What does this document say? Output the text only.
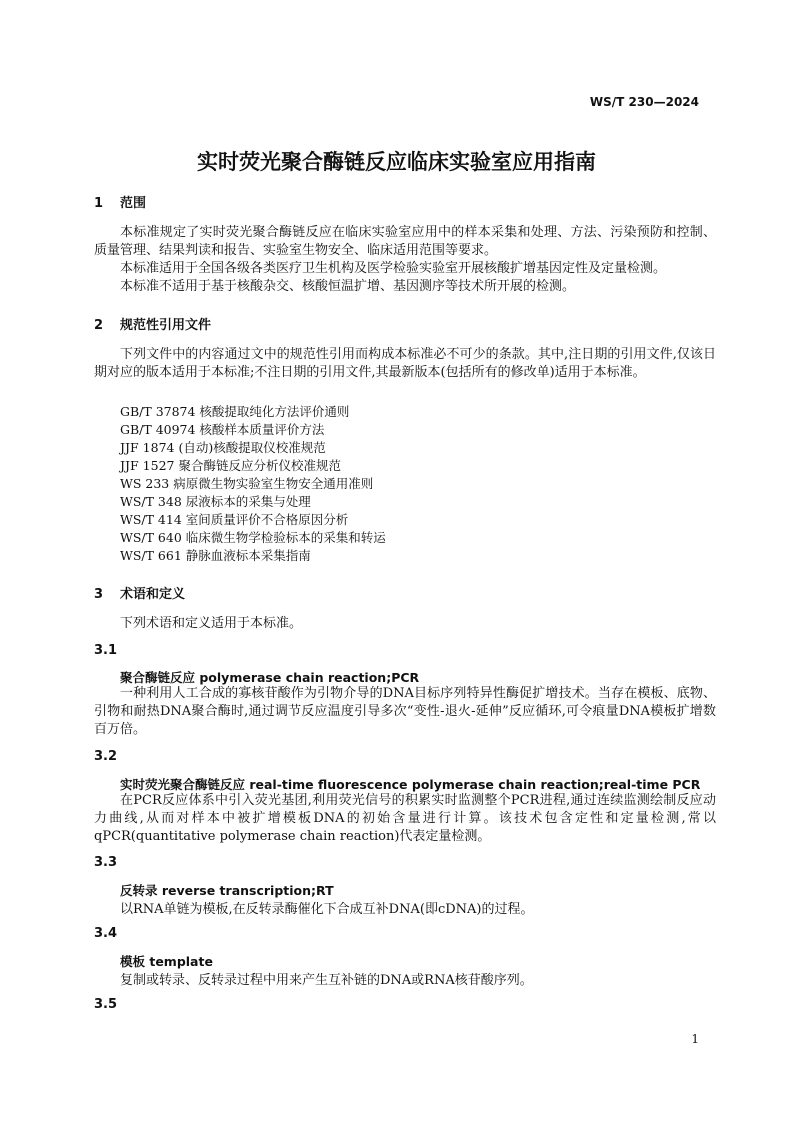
WS/T 230—2024
实时荧光聚合酶链反应临床实验室应用指南
1 范围
本标准规定了实时荧光聚合酶链反应在临床实验室应用中的样本采集和处理、方法、污染预防和控制、质量管理、结果判读和报告、实验室生物安全、临床适用范围等要求。
本标准适用于全国各级各类医疗卫生机构及医学检验实验室开展核酸扩增基因定性及定量检测。
本标准不适用于基于核酸杂交、核酸恒温扩增、基因测序等技术所开展的检测。
2 规范性引用文件
下列文件中的内容通过文中的规范性引用而构成本标准必不可少的条款。其中,注日期的引用文件,仅该日期对应的版本适用于本标准;不注日期的引用文件,其最新版本(包括所有的修改单)适用于本标准。
GB/T 37874 核酸提取纯化方法评价通则
GB/T 40974 核酸样本质量评价方法
JJF 1874 (自动)核酸提取仪校准规范
JJF 1527 聚合酶链反应分析仪校准规范
WS 233 病原微生物实验室生物安全通用准则
WS/T 348 尿液标本的采集与处理
WS/T 414 室间质量评价不合格原因分析
WS/T 640 临床微生物学检验标本的采集和转运
WS/T 661 静脉血液标本采集指南
3 术语和定义
下列术语和定义适用于本标准。
3.1
聚合酶链反应 polymerase chain reaction;PCR
一种利用人工合成的寡核苷酸作为引物介导的DNA目标序列特异性酶促扩增技术。当存在模板、底物、引物和耐热DNA聚合酶时,通过调节反应温度引导多次“变性-退火-延伸”反应循环,可令痕量DNA模板扩增数百万倍。
3.2
实时荧光聚合酶链反应 real-time fluorescence polymerase chain reaction;real-time PCR
在PCR反应体系中引入荧光基团,利用荧光信号的积累实时监测整个PCR进程,通过连续监测绘制反应动力曲线,从而对样本中被扩增模板DNA的初始含量进行计算。该技术包含定性和定量检测,常以qPCR(quantitative polymerase chain reaction)代表定量检测。
3.3
反转录 reverse transcription;RT
以RNA单链为模板,在反转录酶催化下合成互补DNA(即cDNA)的过程。
3.4
模板 template
复制或转录、反转录过程中用来产生互补链的DNA或RNA核苷酸序列。
3.5
1
